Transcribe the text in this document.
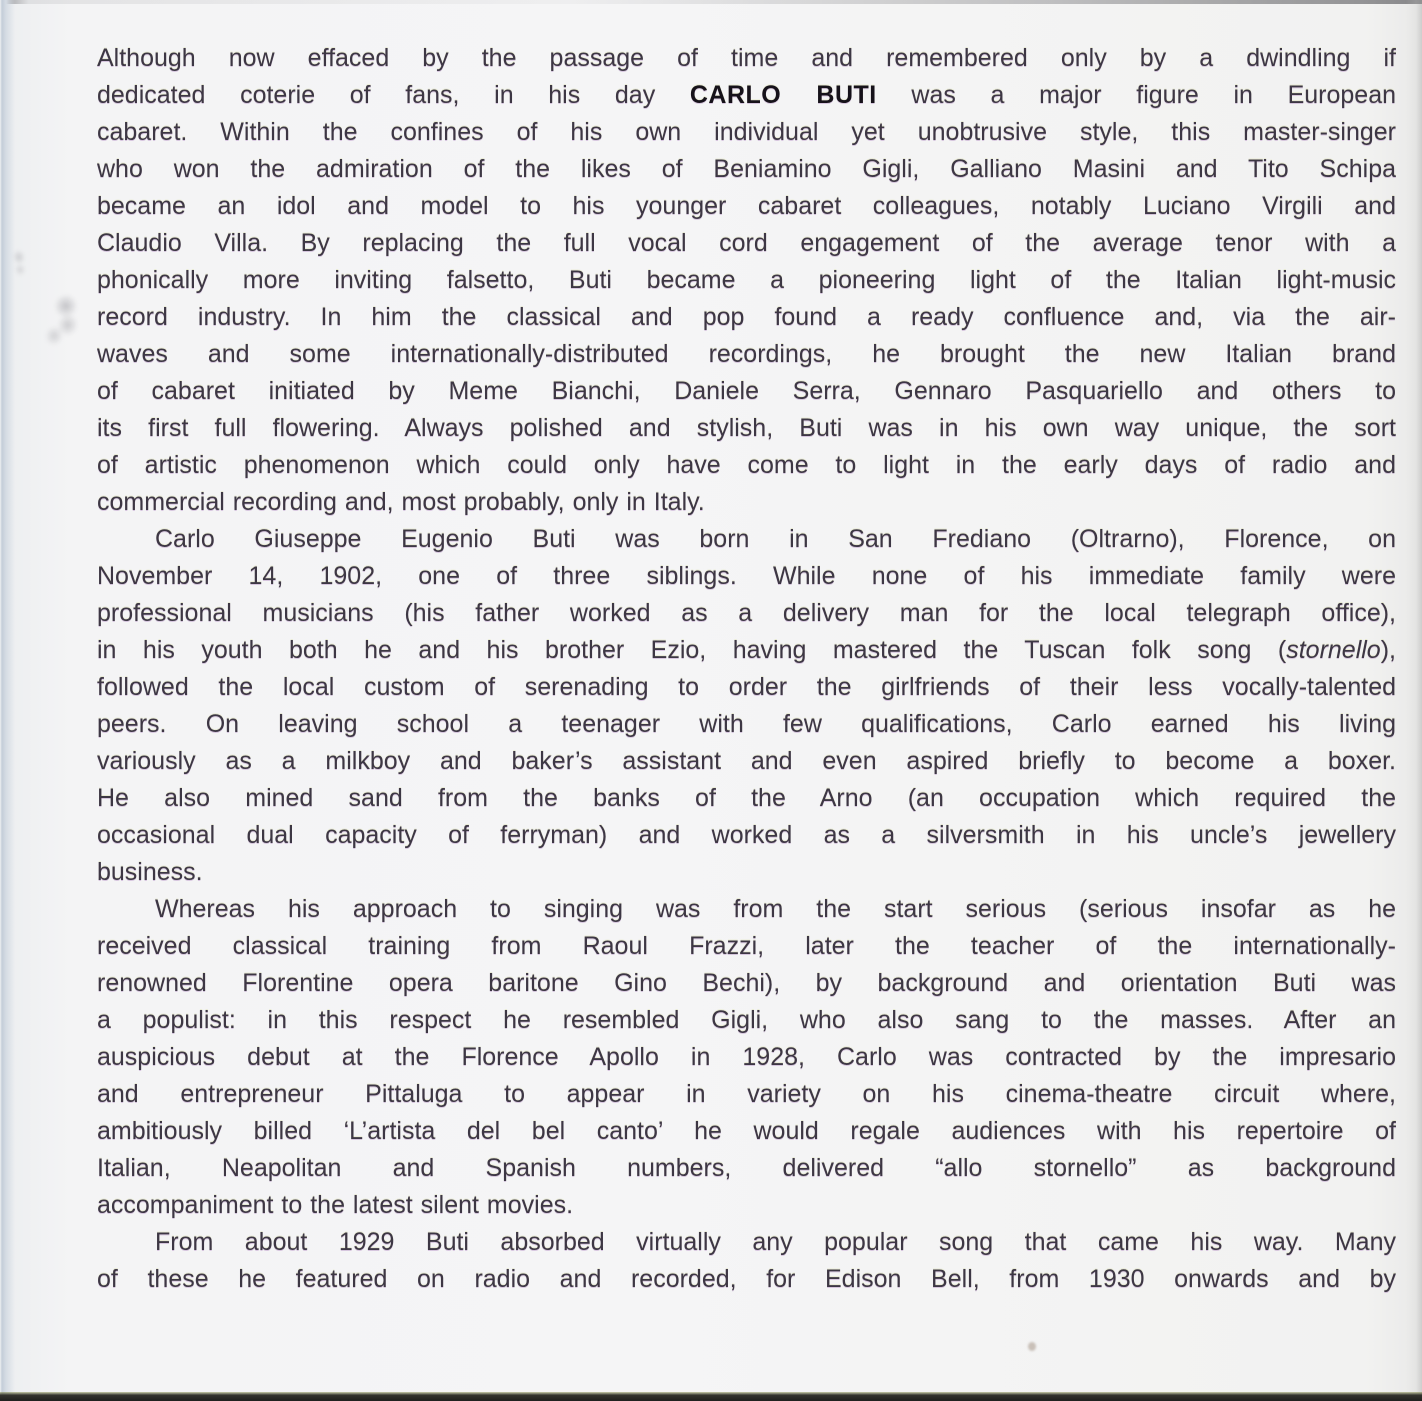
Although now effaced by the passage of time and remembered only by a dwindling if
dedicated coterie of fans, in his day CARLO BUTI was a major figure in European
cabaret. Within the confines of his own individual yet unobtrusive style, this master-singer
who won the admiration of the likes of Beniamino Gigli, Galliano Masini and Tito Schipa
became an idol and model to his younger cabaret colleagues, notably Luciano Virgili and
Claudio Villa. By replacing the full vocal cord engagement of the average tenor with a
phonically more inviting falsetto, Buti became a pioneering light of the Italian light-music
record industry. In him the classical and pop found a ready confluence and, via the air-
waves and some internationally-distributed recordings, he brought the new Italian brand
of cabaret initiated by Meme Bianchi, Daniele Serra, Gennaro Pasquariello and others to
its first full flowering. Always polished and stylish, Buti was in his own way unique, the sort
of artistic phenomenon which could only have come to light in the early days of radio and
commercial recording and, most probably, only in Italy.
Carlo Giuseppe Eugenio Buti was born in San Frediano (Oltrarno), Florence, on
November 14, 1902, one of three siblings. While none of his immediate family were
professional musicians (his father worked as a delivery man for the local telegraph office),
in his youth both he and his brother Ezio, having mastered the Tuscan folk song (stornello),
followed the local custom of serenading to order the girlfriends of their less vocally-talented
peers. On leaving school a teenager with few qualifications, Carlo earned his living
variously as a milkboy and baker’s assistant and even aspired briefly to become a boxer.
He also mined sand from the banks of the Arno (an occupation which required the
occasional dual capacity of ferryman) and worked as a silversmith in his uncle’s jewellery
business.
Whereas his approach to singing was from the start serious (serious insofar as he
received classical training from Raoul Frazzi, later the teacher of the internationally-
renowned Florentine opera baritone Gino Bechi), by background and orientation Buti was
a populist: in this respect he resembled Gigli, who also sang to the masses. After an
auspicious debut at the Florence Apollo in 1928, Carlo was contracted by the impresario
and entrepreneur Pittaluga to appear in variety on his cinema-theatre circuit where,
ambitiously billed ‘L’artista del bel canto’ he would regale audiences with his repertoire of
Italian, Neapolitan and Spanish numbers, delivered “allo stornello” as background
accompaniment to the latest silent movies.
From about 1929 Buti absorbed virtually any popular song that came his way. Many
of these he featured on radio and recorded, for Edison Bell, from 1930 onwards and by
